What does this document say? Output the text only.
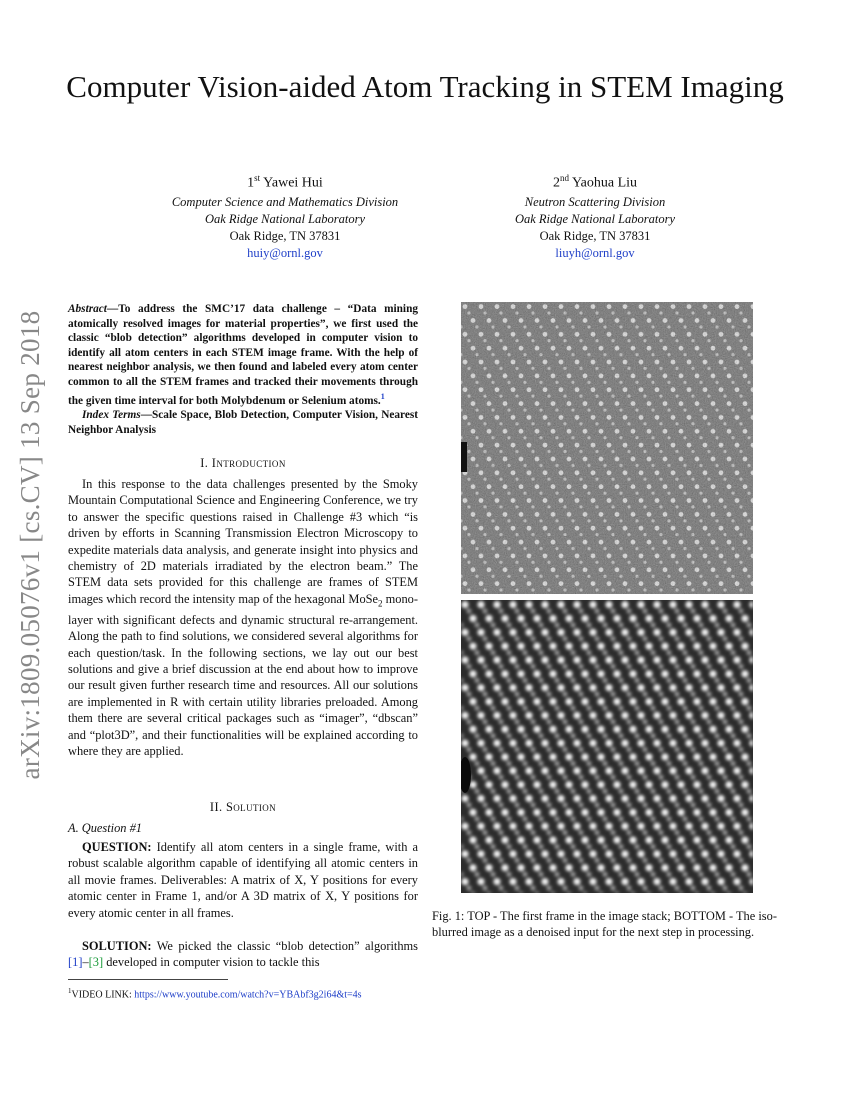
arXiv:1809.05076v1 [cs.CV] 13 Sep 2018
Computer Vision-aided Atom Tracking in STEM Imaging
1st Yawei Hui
Computer Science and Mathematics Division
Oak Ridge National Laboratory
Oak Ridge, TN 37831
huiy@ornl.gov
2nd Yaohua Liu
Neutron Scattering Division
Oak Ridge National Laboratory
Oak Ridge, TN 37831
liuyh@ornl.gov
Abstract—To address the SMC’17 data challenge – “Data mining atomically resolved images for material properties”, we first used the classic “blob detection” algorithms developed in computer vision to identify all atom centers in each STEM image frame. With the help of nearest neighbor analysis, we then found and labeled every atom center common to all the STEM frames and tracked their movements through the given time interval for both Molybdenum or Selenium atoms.$^1$
Index Terms—Scale Space, Blob Detection, Computer Vision, Nearest Neighbor Analysis
I. Introduction
In this response to the data challenges presented by the Smoky Mountain Computational Science and Engineering Conference, we try to answer the specific questions raised in Challenge #3 which “is driven by efforts in Scanning Transmission Electron Microscopy to expedite materials data analysis, and generate insight into physics and chemistry of 2D materials irradiated by the electron beam.” The STEM data sets provided for this challenge are frames of STEM images which record the intensity map of the hexagonal MoSe$_2$ mono-layer with significant defects and dynamic structural re-arrangement. Along the path to find solutions, we considered several algorithms for each question/task. In the following sections, we lay out our best solutions and give a brief discussion at the end about how to improve our result given further research time and resources. All our solutions are implemented in R with certain utility libraries preloaded. Among them there are several critical packages such as “imager”, “dbscan” and “plot3D”, and their functionalities will be explained according to where they are applied.
II. Solution
A. Question #1
QUESTION: Identify all atom centers in a single frame, with a robust scalable algorithm capable of identifying all atomic centers in all movie frames. Deliverables: A matrix of X, Y positions for every atomic center in Frame 1, and/or A 3D matrix of X, Y positions for every atomic center in all frames.
SOLUTION: We picked the classic “blob detection” algorithms [1]–[3] developed in computer vision to tackle this
$^1$VIDEO LINK: https://www.youtube.com/watch?v=YBAbf3g2i64&t=4s
Fig. 1: TOP - The first frame in the image stack; BOTTOM - The iso-blurred image as a denoised input for the next step in processing.
